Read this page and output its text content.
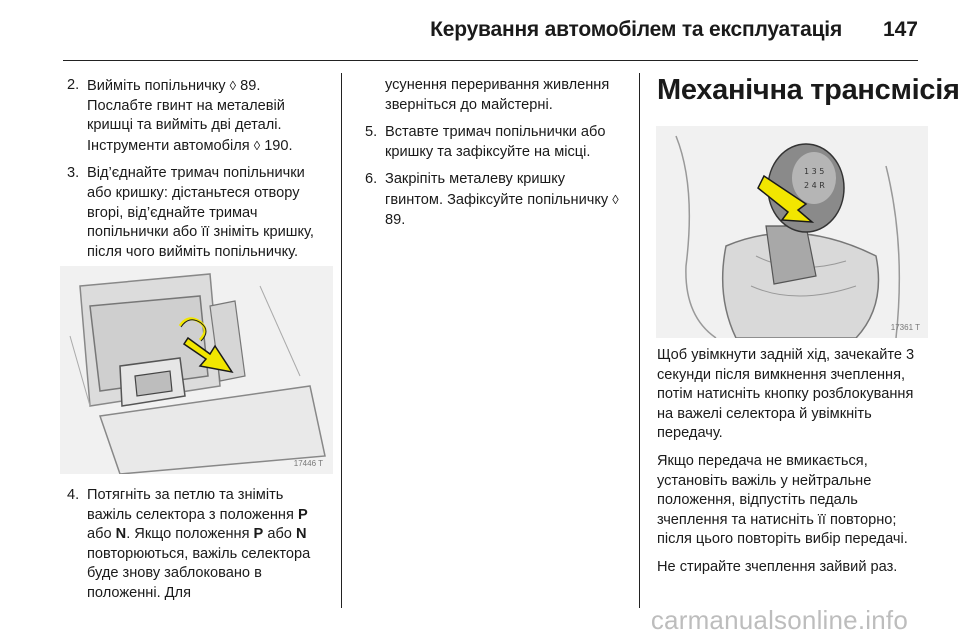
Керування автомобілем та експлуатація 147
2. Вийміть попільничку ◊ 89. Послабте гвинт на металевій кришці та вийміть дві деталі. Інструменти автомобіля ◊ 190.
3. Від’єднайте тримач попільнички або кришку: дістаньтеся отвору вгорі, від’єднайте тримач попільнички або її зніміть кришку, після чого вийміть попільничку.
17446 T
4. Потягніть за петлю та зніміть важіль селектора з положення P або N. Якщо положення P або N повторюються, важіль селектора буде знову заблоковано в положенні. Для

усунення переривання живлення зверніться до майстерні.

5. Вставте тримач попільнички або кришку та зафіксуйте на місці.
6. Закріпіть металеву кришку гвинтом. Зафіксуйте попільничку ◊ 89.
Механічна трансмісія
1 3 5
2 4 R
17361 T

Щоб увімкнути задній хід, зачекайте 3 секунди після вимкнення зчеплення, потім натисніть кнопку розблокування на важелі селектора й увімкніть передачу.

Якщо передача не вмикається, установіть важіль у нейтральне положення, відпустіть педаль зчеплення та натисніть її повторно; після цього повторіть вибір передачі.

Не стирайте зчеплення зайвий раз.

carmanualsonline.info
